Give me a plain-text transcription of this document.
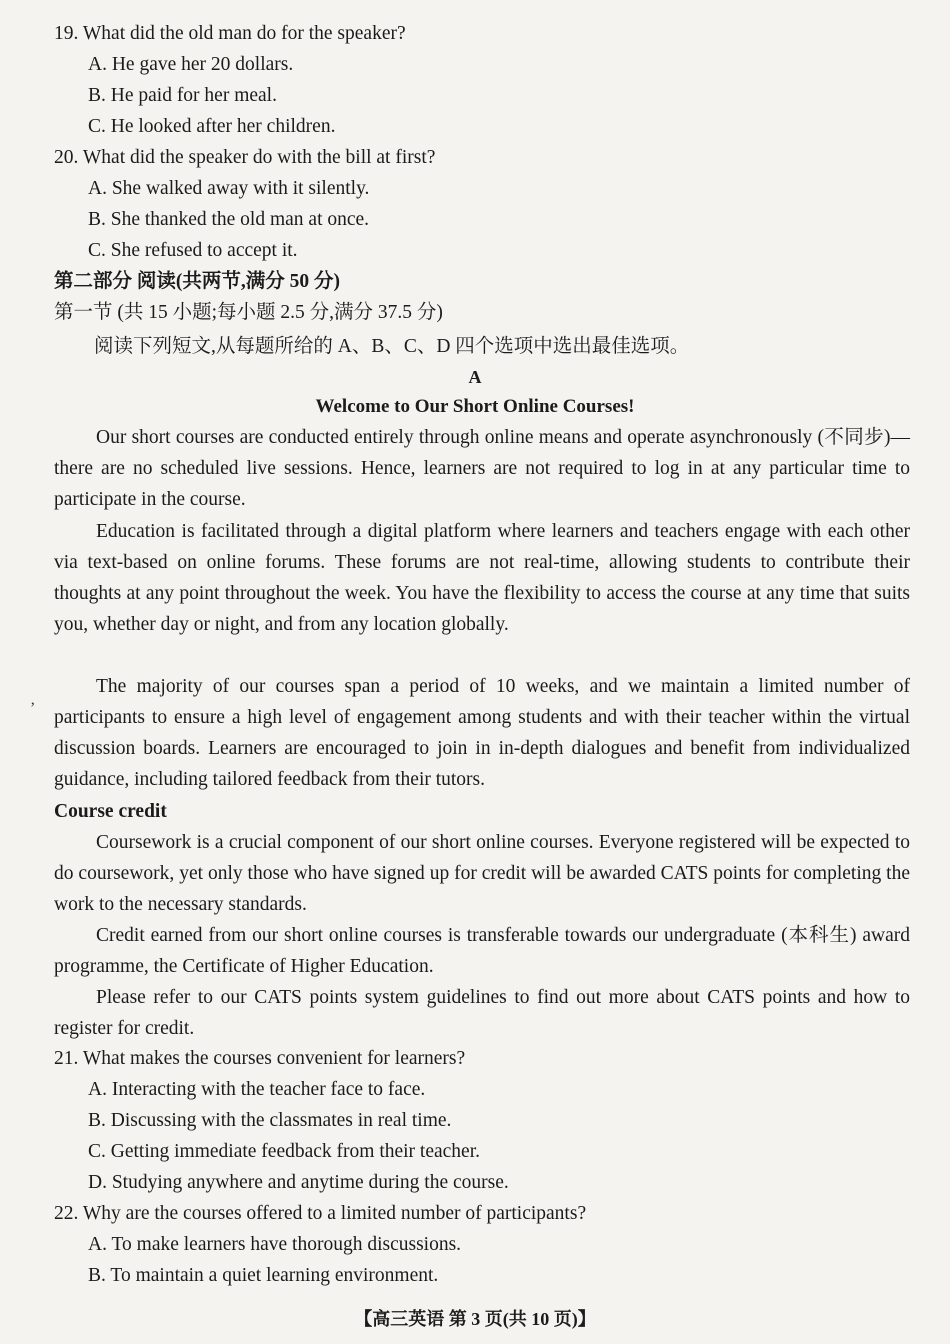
19. What did the old man do for the speaker?
A. He gave her 20 dollars.
B. He paid for her meal.
C. He looked after her children.
20. What did the speaker do with the bill at first?
A. She walked away with it silently.
B. She thanked the old man at once.
C. She refused to accept it.
第二部分 阅读(共两节,满分 50 分)
第一节 (共 15 小题;每小题 2.5 分,满分 37.5 分)
阅读下列短文,从每题所给的 A、B、C、D 四个选项中选出最佳选项。
A
Welcome to Our Short Online Courses!
Our short courses are conducted entirely through online means and operate asynchronously (不同步)—there are no scheduled live sessions. Hence, learners are not required to log in at any particular time to participate in the course.
Education is facilitated through a digital platform where learners and teachers engage with each other via text-based on online forums. These forums are not real-time, allowing students to contribute their thoughts at any point throughout the week. You have the flexibility to access the course at any time that suits you, whether day or night, and from any location globally.
The majority of our courses span a period of 10 weeks, and we maintain a limited number of participants to ensure a high level of engagement among students and with their teacher within the virtual discussion boards. Learners are encouraged to join in in-depth dialogues and benefit from individualized guidance, including tailored feedback from their tutors.
Course credit
Coursework is a crucial component of our short online courses. Everyone registered will be expected to do coursework, yet only those who have signed up for credit will be awarded CATS points for completing the work to the necessary standards.
Credit earned from our short online courses is transferable towards our undergraduate (本科生) award programme, the Certificate of Higher Education.
Please refer to our CATS points system guidelines to find out more about CATS points and how to register for credit.
21. What makes the courses convenient for learners?
A. Interacting with the teacher face to face.
B. Discussing with the classmates in real time.
C. Getting immediate feedback from their teacher.
D. Studying anywhere and anytime during the course.
22. Why are the courses offered to a limited number of participants?
A. To make learners have thorough discussions.
B. To maintain a quiet learning environment.
ʼ
【高三英语 第 3 页(共 10 页)】
